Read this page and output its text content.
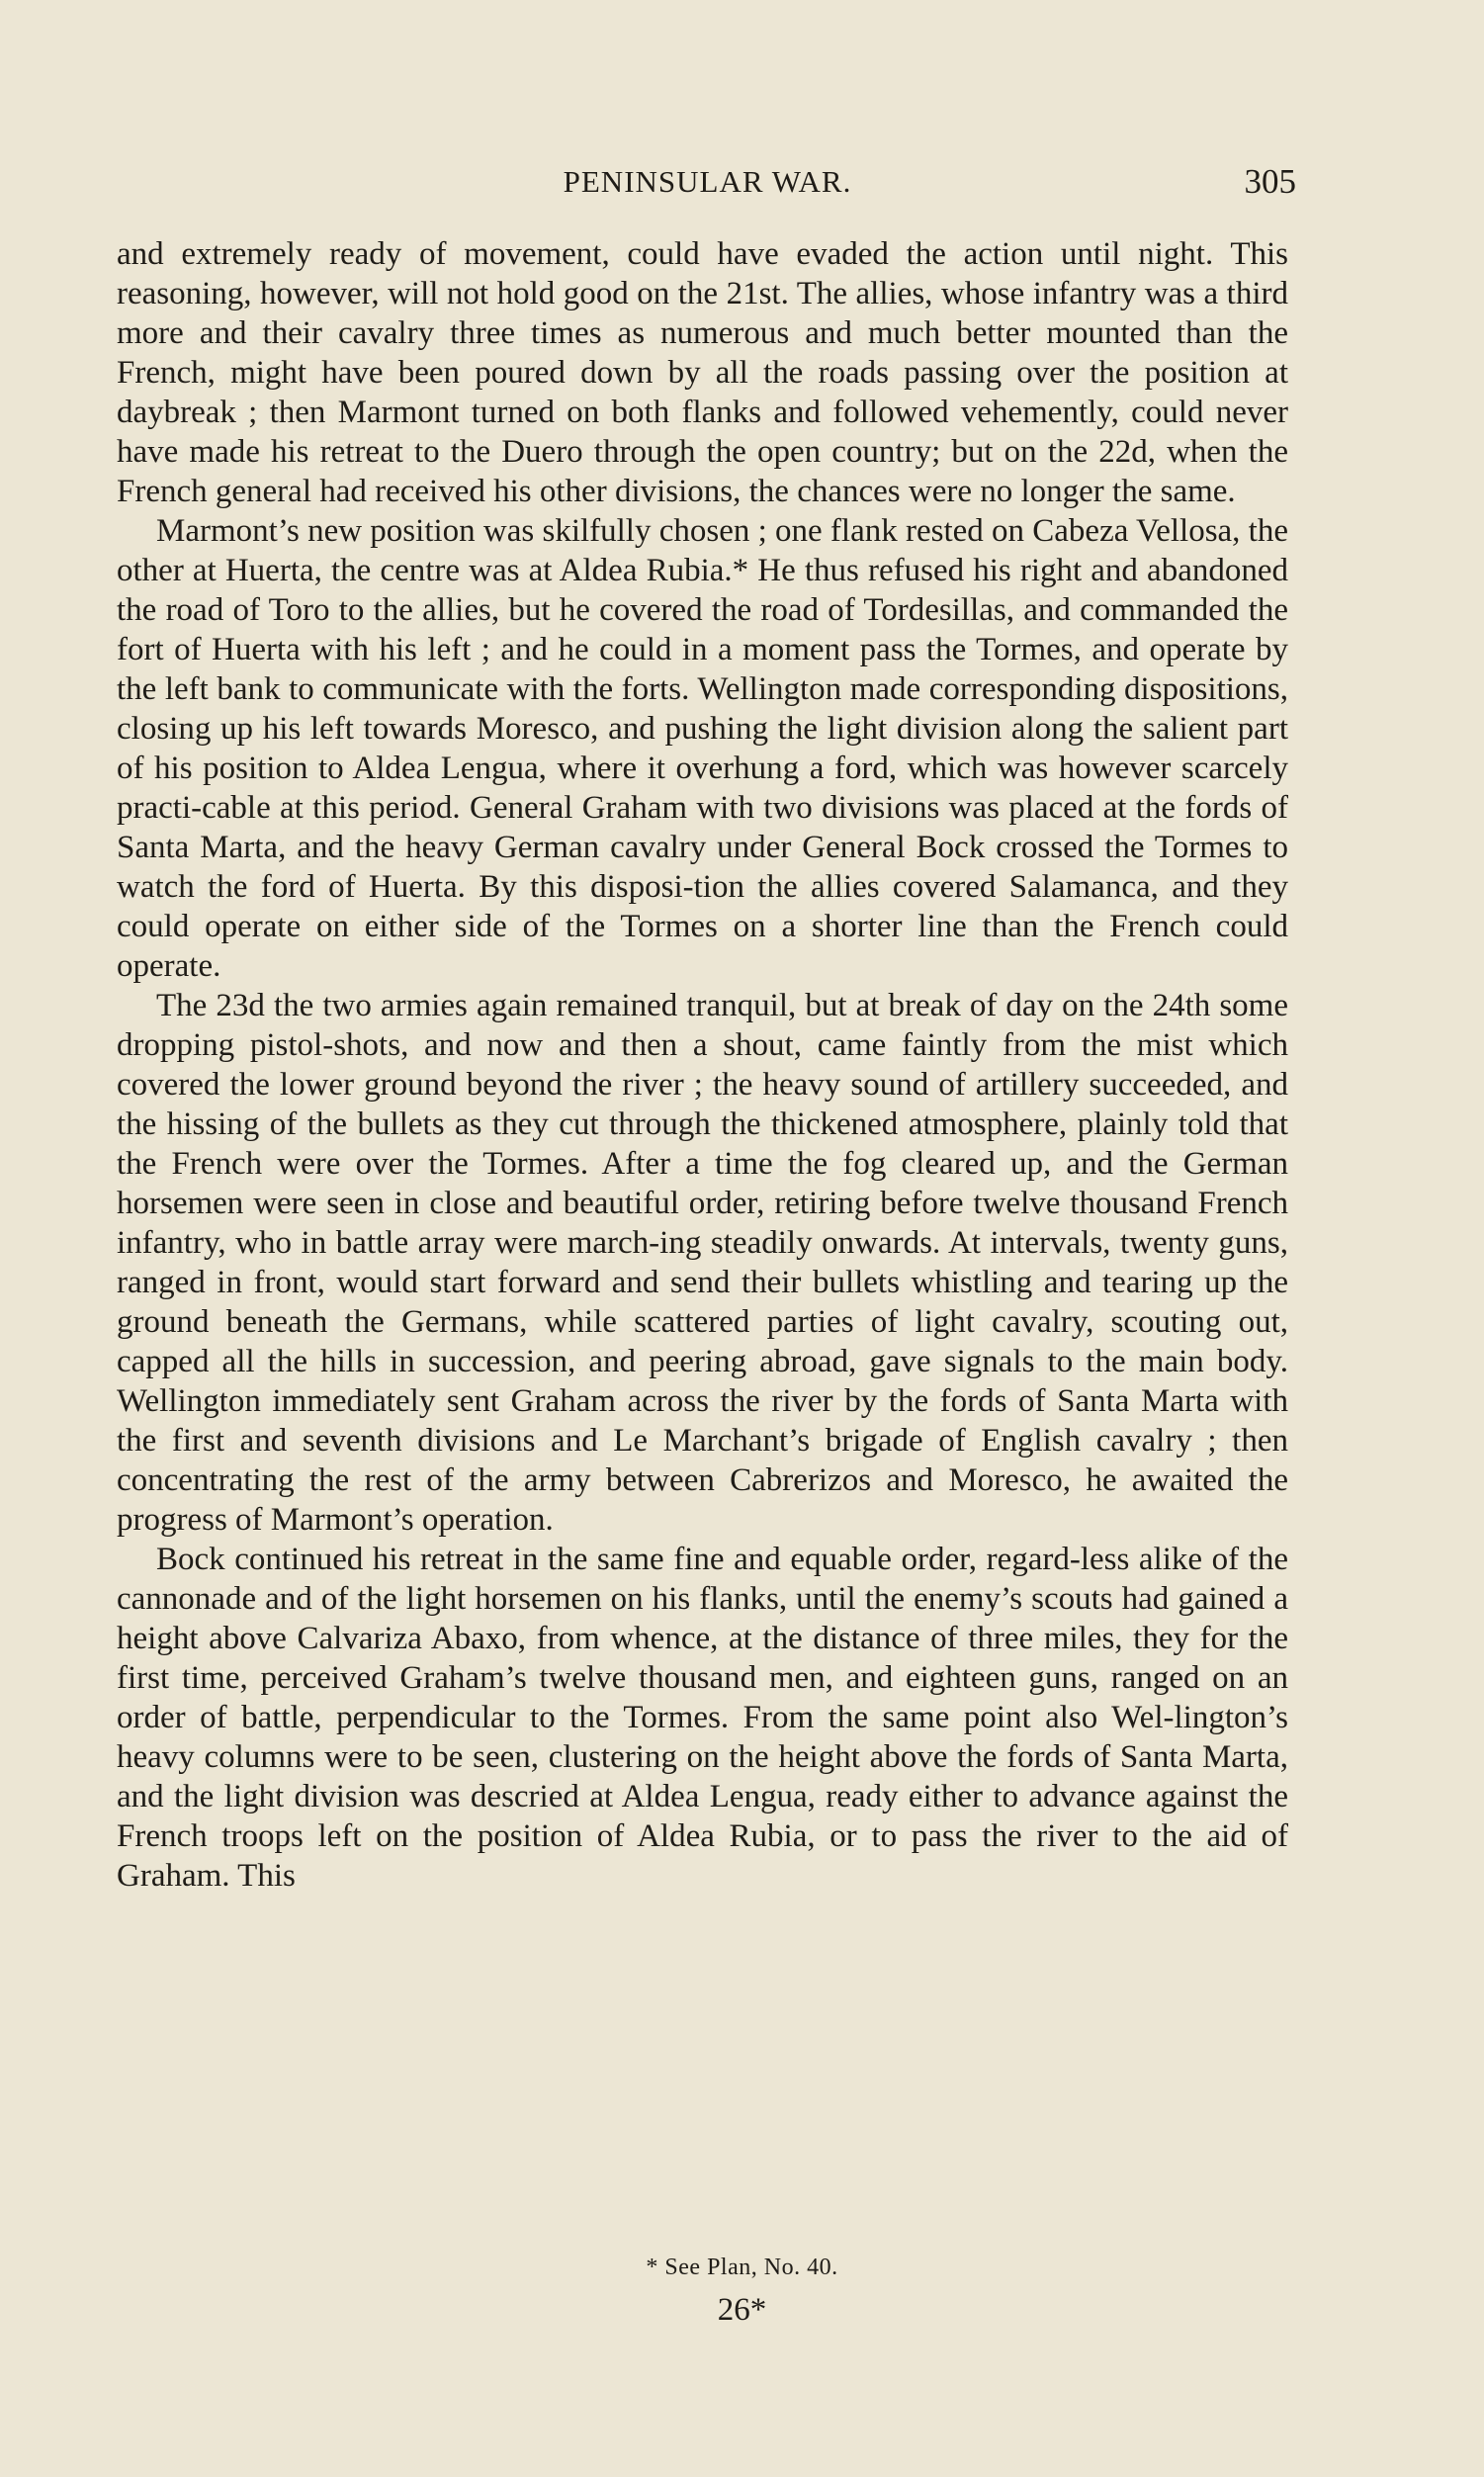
PENINSULAR WAR.	305

and extremely ready of movement, could have evaded the action until night. This reasoning, however, will not hold good on the 21st. The allies, whose infantry was a third more and their cavalry three times as numerous and much better mounted than the French, might have been poured down by all the roads passing over the position at daybreak ; then Marmont turned on both flanks and followed vehemently, could never have made his retreat to the Duero through the open country; but on the 22d, when the French general had received his other divisions, the chances were no longer the same.

Marmont’s new position was skilfully chosen ; one flank rested on Cabeza Vellosa, the other at Huerta, the centre was at Aldea Rubia.* He thus refused his right and abandoned the road of Toro to the allies, but he covered the road of Tordesillas, and commanded the fort of Huerta with his left ; and he could in a moment pass the Tormes, and operate by the left bank to communicate with the forts. Wellington made corresponding dispositions, closing up his left towards Moresco, and pushing the light division along the salient part of his position to Aldea Lengua, where it overhung a ford, which was however scarcely practi-cable at this period. General Graham with two divisions was placed at the fords of Santa Marta, and the heavy German cavalry under General Bock crossed the Tormes to watch the ford of Huerta. By this disposi-tion the allies covered Salamanca, and they could operate on either side of the Tormes on a shorter line than the French could operate.

The 23d the two armies again remained tranquil, but at break of day on the 24th some dropping pistol-shots, and now and then a shout, came faintly from the mist which covered the lower ground beyond the river ; the heavy sound of artillery succeeded, and the hissing of the bullets as they cut through the thickened atmosphere, plainly told that the French were over the Tormes. After a time the fog cleared up, and the German horsemen were seen in close and beautiful order, retiring before twelve thousand French infantry, who in battle array were march-ing steadily onwards. At intervals, twenty guns, ranged in front, would start forward and send their bullets whistling and tearing up the ground beneath the Germans, while scattered parties of light cavalry, scouting out, capped all the hills in succession, and peering abroad, gave signals to the main body. Wellington immediately sent Graham across the river by the fords of Santa Marta with the first and seventh divisions and Le Marchant’s brigade of English cavalry ; then concentrating the rest of the army between Cabrerizos and Moresco, he awaited the progress of Marmont’s operation.

Bock continued his retreat in the same fine and equable order, regard-less alike of the cannonade and of the light horsemen on his flanks, until the enemy’s scouts had gained a height above Calvariza Abaxo, from whence, at the distance of three miles, they for the first time, perceived Graham’s twelve thousand men, and eighteen guns, ranged on an order of battle, perpendicular to the Tormes. From the same point also Wel-lington’s heavy columns were to be seen, clustering on the height above the fords of Santa Marta, and the light division was descried at Aldea Lengua, ready either to advance against the French troops left on the position of Aldea Rubia, or to pass the river to the aid of Graham. This

* See Plan, No. 40.
26*
